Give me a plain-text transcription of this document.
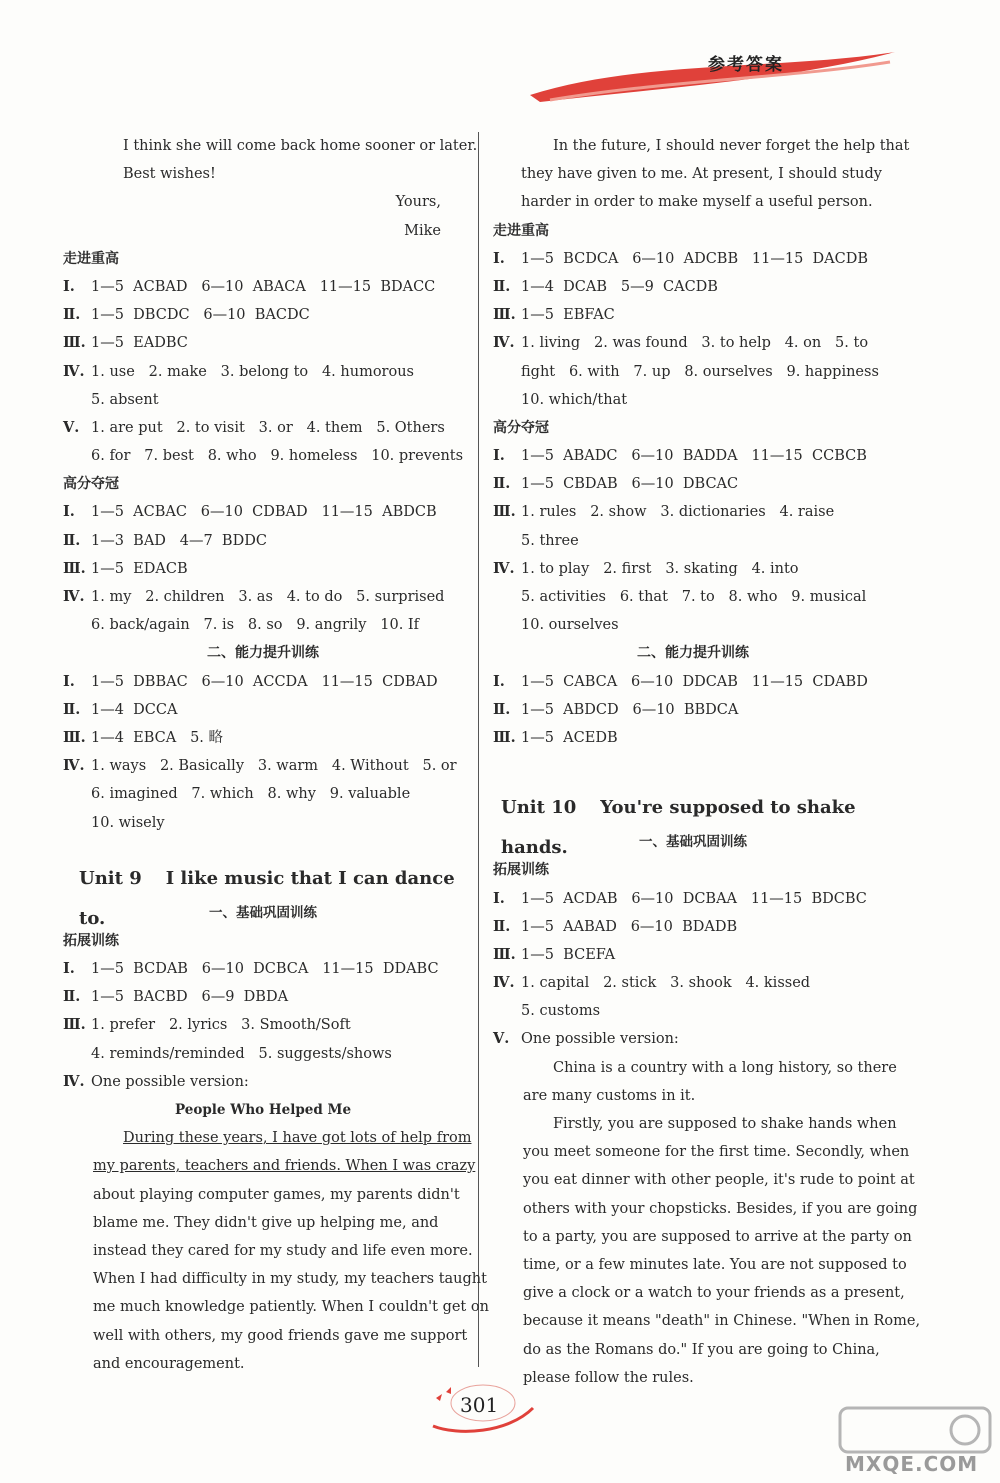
参考答案
I think she will come back home sooner or later.
Best wishes!
Yours,
Mike
走进重高
Ⅰ. 1—5  ACBAD   6—10  ABACA   11—15  BDACC
Ⅱ. 1—5  DBCDC   6—10  BACDC
Ⅲ. 1—5  EADBC
Ⅳ. 1. use   2. make   3. belong to   4. humorous
5. absent
Ⅴ. 1. are put   2. to visit   3. or   4. them   5. Others
6. for   7. best   8. who   9. homeless   10. prevents
高分夺冠
Ⅰ. 1—5  ACBAC   6—10  CDBAD   11—15  ABDCB
Ⅱ. 1—3  BAD   4—7  BDDC
Ⅲ. 1—5  EDACB
Ⅳ. 1. my   2. children   3. as   4. to do   5. surprised
6. back/again   7. is   8. so   9. angrily   10. If
二、能力提升训练
Ⅰ. 1—5  DBBAC   6—10  ACCDA   11—15  CDBAD
Ⅱ. 1—4  DCCA
Ⅲ. 1—4  EBCA   5. 略
Ⅳ. 1. ways   2. Basically   3. warm   4. Without   5. or
6. imagined   7. which   8. why   9. valuable
10. wisely
Unit 9 I like music that I can dance to.	一、基础巩固训练
拓展训练
Ⅰ. 1—5  BCDAB   6—10  DCBCA   11—15  DDABC
Ⅱ. 1—5  BACBD   6—9  DBDA
Ⅲ. 1. prefer   2. lyrics   3. Smooth/Soft
4. reminds/reminded   5. suggests/shows
Ⅳ. One possible version:
People Who Helped Me
During these years, I have got lots of help from
my parents, teachers and friends. When I was crazy
about playing computer games, my parents didn't
blame me. They didn't give up helping me, and
instead they cared for my study and life even more.
When I had difficulty in my study, my teachers taught
me much knowledge patiently. When I couldn't get on
well with others, my good friends gave me support
and encouragement.
In the future, I should never forget the help that
they have given to me. At present, I should study
harder in order to make myself a useful person.
走进重高
Ⅰ. 1—5  BCDCA   6—10  ADCBB   11—15  DACDB
Ⅱ. 1—4  DCAB   5—9  CACDB
Ⅲ. 1—5  EBFAC
Ⅳ. 1. living   2. was found   3. to help   4. on   5. to
fight   6. with   7. up   8. ourselves   9. happiness
10. which/that
高分夺冠
Ⅰ. 1—5  ABADC   6—10  BADDA   11—15  CCBCB
Ⅱ. 1—5  CBDAB   6—10  DBCAC
Ⅲ. 1. rules   2. show   3. dictionaries   4. raise
5. three
Ⅳ. 1. to play   2. first   3. skating   4. into
5. activities   6. that   7. to   8. who   9. musical
10. ourselves
二、能力提升训练
Ⅰ. 1—5  CABCA   6—10  DDCAB   11—15  CDABD
Ⅱ. 1—5  ABDCD   6—10  BBDCA
Ⅲ. 1—5  ACEDB
Unit 10 You're supposed to shake hands.	一、基础巩固训练
拓展训练
Ⅰ. 1—5  ACDAB   6—10  DCBAA   11—15  BDCBC
Ⅱ. 1—5  AABAD   6—10  BDADB
Ⅲ. 1—5  BCEFA
Ⅳ. 1. capital   2. stick   3. shook   4. kissed
5. customs
Ⅴ. One possible version:
China is a country with a long history, so there
are many customs in it.
Firstly, you are supposed to shake hands when
you meet someone for the first time. Secondly, when
you eat dinner with other people, it's rude to point at
others with your chopsticks. Besides, if you are going
to a party, you are supposed to arrive at the party on
time, or a few minutes late. You are not supposed to
give a clock or a watch to your friends as a present,
because it means "death" in Chinese. "When in Rome,
do as the Romans do." If you are going to China,
please follow the rules.
301
MXQE.COM
